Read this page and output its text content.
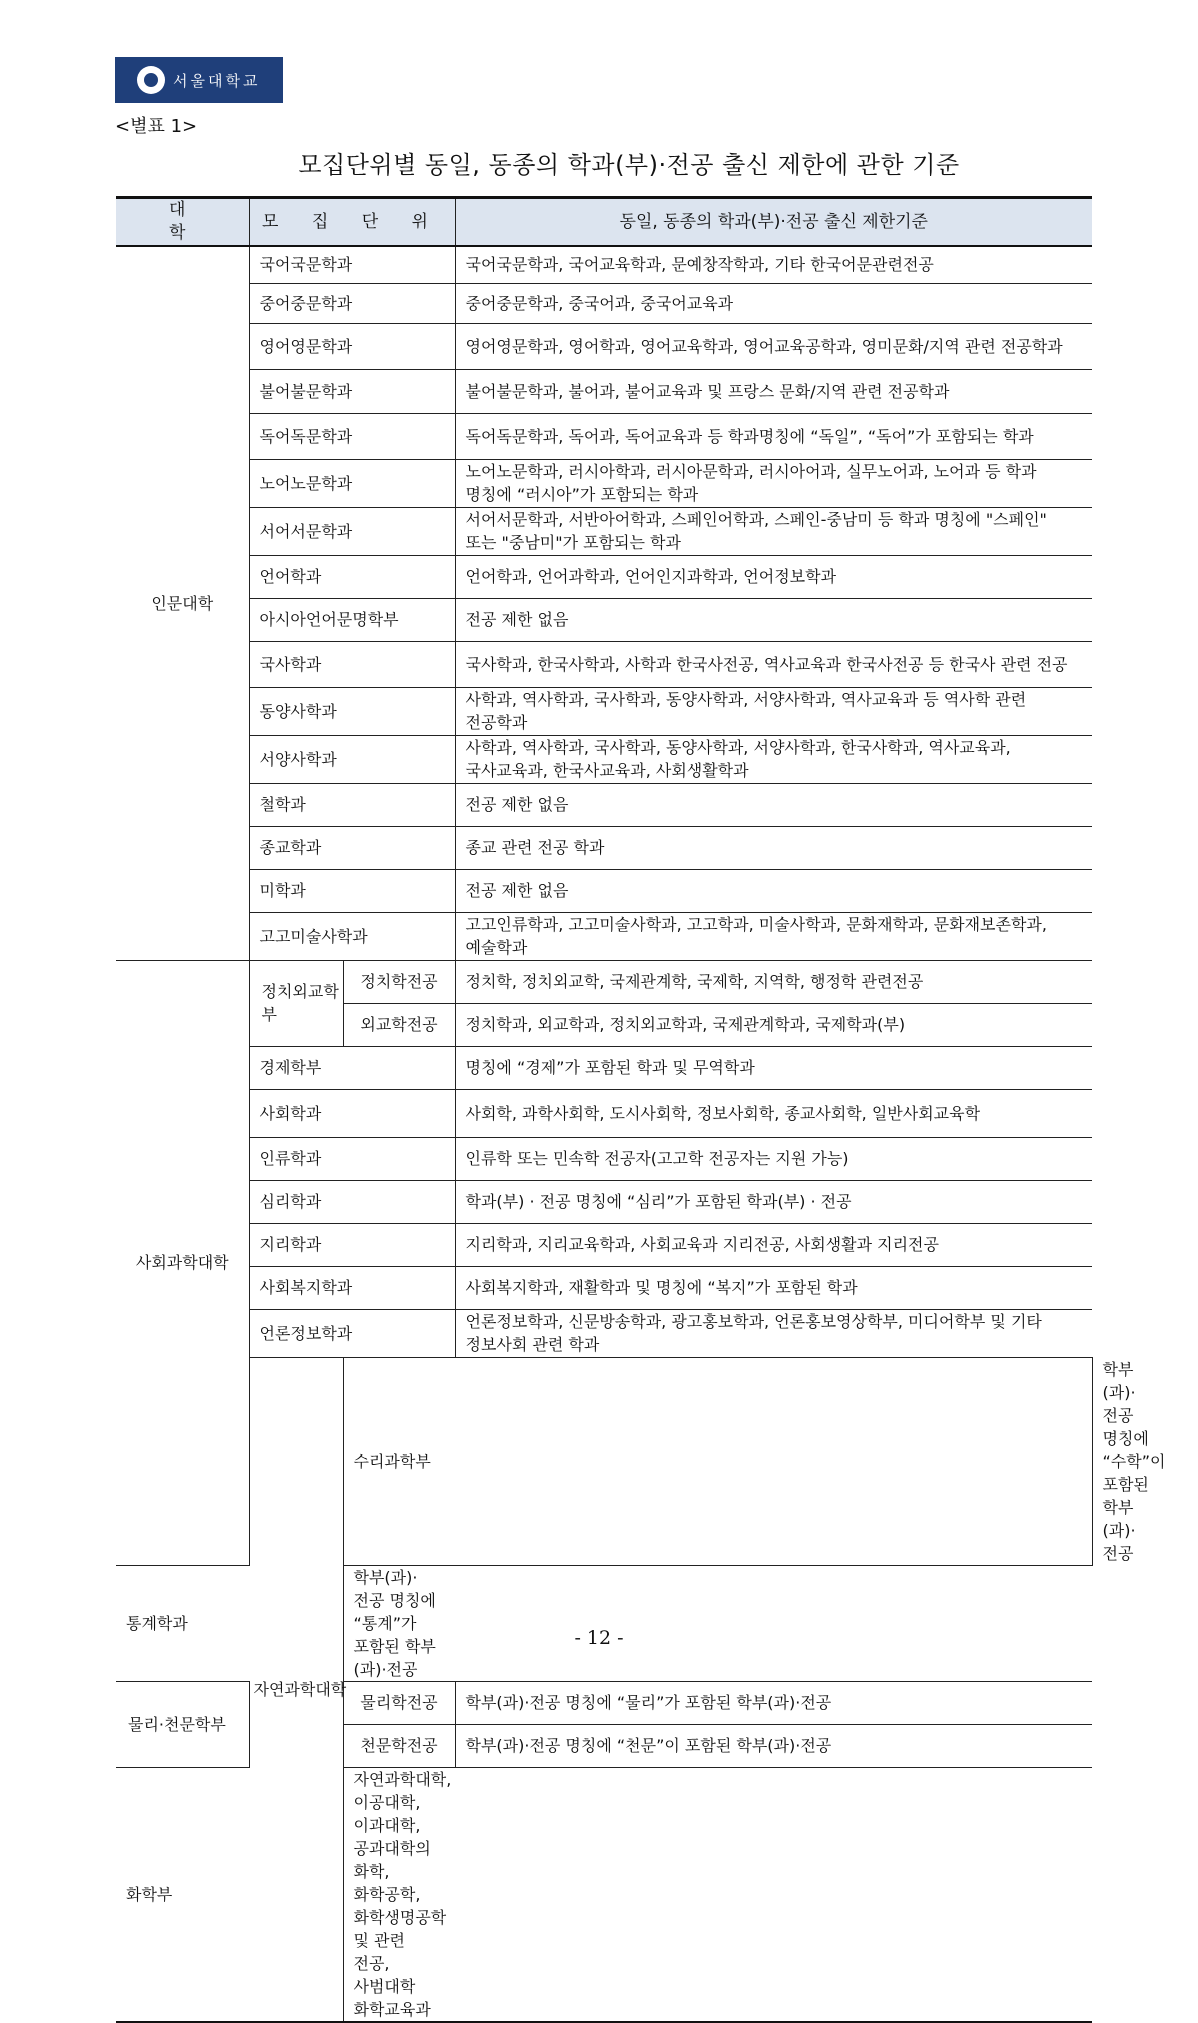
서울대학교
<별표 1>
모집단위별 동일, 동종의 학과(부)·전공 출신 제한에 관한 기준
대 학	모 집 단 위		동일, 동종의 학과(부)·전공 출신 제한기준	
인문대학	국어국문학과		국어국문학과, 국어교육학과, 문예창작학과, 기타 한국어문관련전공	
	중어중문학과		중어중문학과, 중국어과, 중국어교육과	
	영어영문학과		영어영문학과, 영어학과, 영어교육학과, 영어교육공학과, 영미문화/지역 관련 전공학과	
	불어불문학과		불어불문학과, 불어과, 불어교육과 및 프랑스 문화/지역 관련 전공학과	
	독어독문학과		독어독문학과, 독어과, 독어교육과 등 학과명칭에 “독일”, “독어”가 포함되는 학과	
	노어노문학과		노어노문학과, 러시아학과, 러시아문학과, 러시아어과, 실무노어과, 노어과 등 학과 명칭에 “러시아”가 포함되는 학과	
	서어서문학과		서어서문학과, 서반아어학과, 스페인어학과, 스페인-중남미 등 학과 명칭에 "스페인" 또는 "중남미"가 포함되는 학과	
	언어학과		언어학과, 언어과학과, 언어인지과학과, 언어정보학과	
	아시아언어문명학부		전공 제한 없음	
	국사학과		국사학과, 한국사학과, 사학과 한국사전공, 역사교육과 한국사전공 등 한국사 관련 전공	
	동양사학과		사학과, 역사학과, 국사학과, 동양사학과, 서양사학과, 역사교육과 등 역사학 관련 전공학과	
	서양사학과		사학과, 역사학과, 국사학과, 동양사학과, 서양사학과, 한국사학과, 역사교육과, 국사교육과, 한국사교육과, 사회생활학과	
	철학과		전공 제한 없음	
	종교학과		종교 관련 전공 학과	
	미학과		전공 제한 없음	
	고고미술사학과		고고인류학과, 고고미술사학과, 고고학과, 미술사학과, 문화재학과, 문화재보존학과, 예술학과	
사회과학대학	정치외교학 부	정치학전공	정치학, 정치외교학, 국제관계학, 국제학, 지역학, 행정학 관련전공	
		외교학전공	정치학과, 외교학과, 정치외교학과, 국제관계학과, 국제학과(부)	
	경제학부		명칭에 “경제”가 포함된 학과 및 무역학과	
	사회학과		사회학, 과학사회학, 도시사회학, 정보사회학, 종교사회학, 일반사회교육학	
	인류학과		인류학 또는 민속학 전공자(고고학 전공자는 지원 가능)	
	심리학과		학과(부) · 전공 명칭에 “심리”가 포함된 학과(부) · 전공	
	지리학과		지리학과, 지리교육학과, 사회교육과 지리전공, 사회생활과 지리전공	
	사회복지학과		사회복지학과, 재활학과 및 명칭에 “복지”가 포함된 학과	
	언론정보학과		언론정보학과, 신문방송학과, 광고홍보학과, 언론홍보영상학부, 미디어학부 및 기타 정보사회 관련 학과	
	자연과학대학	수리과학부		학부(과)·전공 명칭에 “수학”이 포함된 학부(과)·전공
통계학과		학부(과)·전공 명칭에 “통계”가 포함된 학부(과)·전공		
물리·천문학부		물리학전공	학부(과)·전공 명칭에 “물리”가 포함된 학부(과)·전공	
		천문학전공	학부(과)·전공 명칭에 “천문”이 포함된 학부(과)·전공	
화학부		자연과학대학, 이공대학, 이과대학, 공과대학의 화학, 화학공학, 화학생명공학 및 관련 전공, 사범대학 화학교육과		
- 12 -
